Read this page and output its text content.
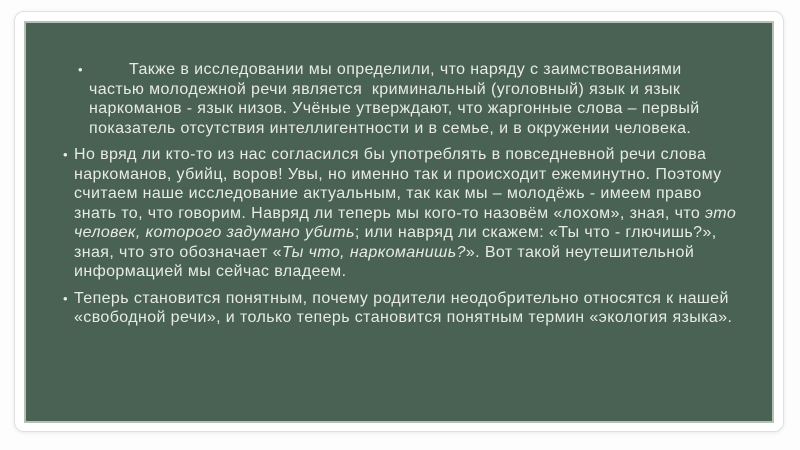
•	Также в исследовании мы определили, что наряду с заимствованиями частью молодежной речи является  криминальный (уголовный) язык и язык наркоманов - язык низов. Учёные утверждают, что жаргонные слова – первый показатель отсутствия интеллигентности и в семье, и в окружении человека.
• Но вряд ли кто-то из нас согласился бы употреблять в повседневной речи слова наркоманов, убийц, воров! Увы, но именно так и происходит ежеминутно. Поэтому считаем наше исследование актуальным, так как мы – молодёжь - имеем право знать то, что говорим. Навряд ли теперь мы кого-то назовём «лохом», зная, что это человек, которого задумано убить; или навряд ли скажем: «Ты что - глючишь?», зная, что это обозначает «Ты что, наркоманишь?». Вот такой неутешительной информацией мы сейчас владеем.
• Теперь становится понятным, почему родители неодобрительно относятся к нашей «свободной речи», и только теперь становится понятным термин «экология языка».
